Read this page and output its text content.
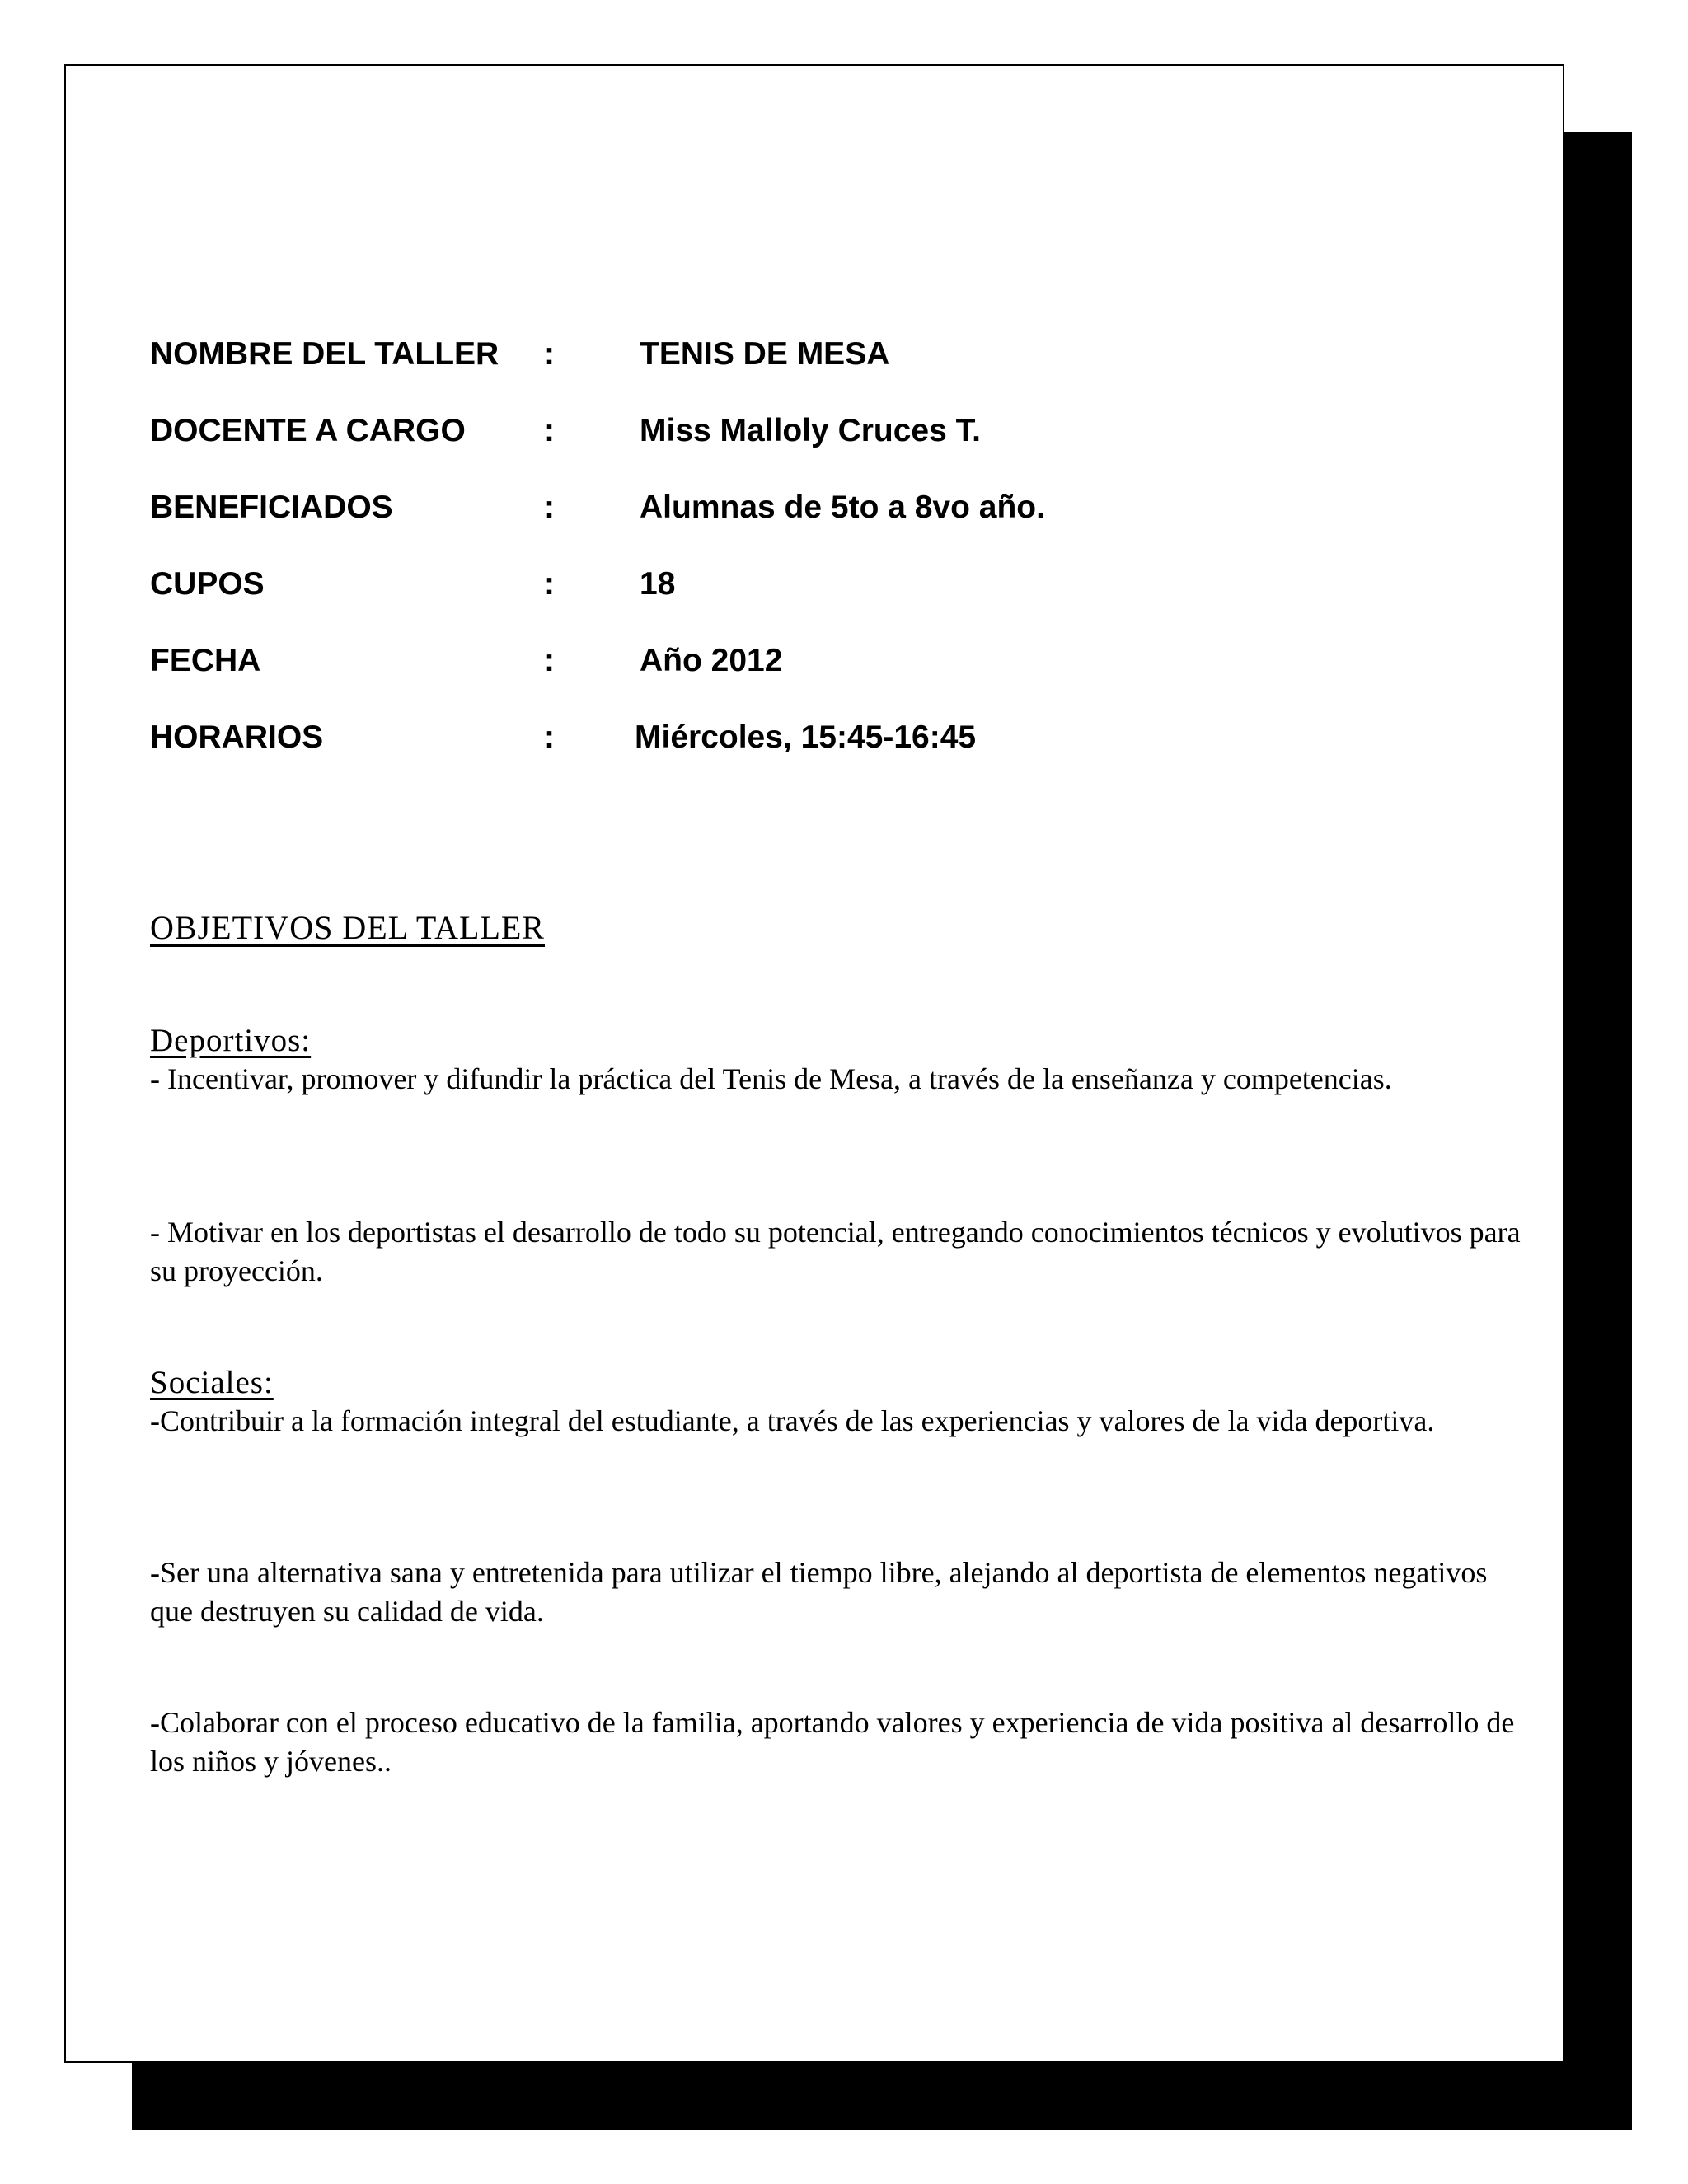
NOMBRE DEL TALLER :	TENIS DE MESA
DOCENTE A CARGO :	Miss Malloly Cruces T.
BENEFICIADOS	:	Alumnas de 5to a 8vo año.
CUPOS	:	18
FECHA	:	Año 2012
HORARIOS	: Miércoles, 15:45-16:45
OBJETIVOS DEL TALLER
Deportivos:
- Incentivar, promover y difundir la práctica del Tenis de Mesa, a través de la enseñanza y competencias.
- Motivar en los deportistas el desarrollo de todo su potencial, entregando conocimientos técnicos y evolutivos para su proyección.
Sociales:
-Contribuir a la formación integral del estudiante, a través de las experiencias y valores de la vida deportiva.
-Ser una alternativa sana y entretenida para utilizar el tiempo libre, alejando al deportista de elementos negativos que destruyen su calidad de vida.
-Colaborar con el proceso educativo de la familia, aportando valores y experiencia de vida positiva al desarrollo de los niños y jóvenes..
